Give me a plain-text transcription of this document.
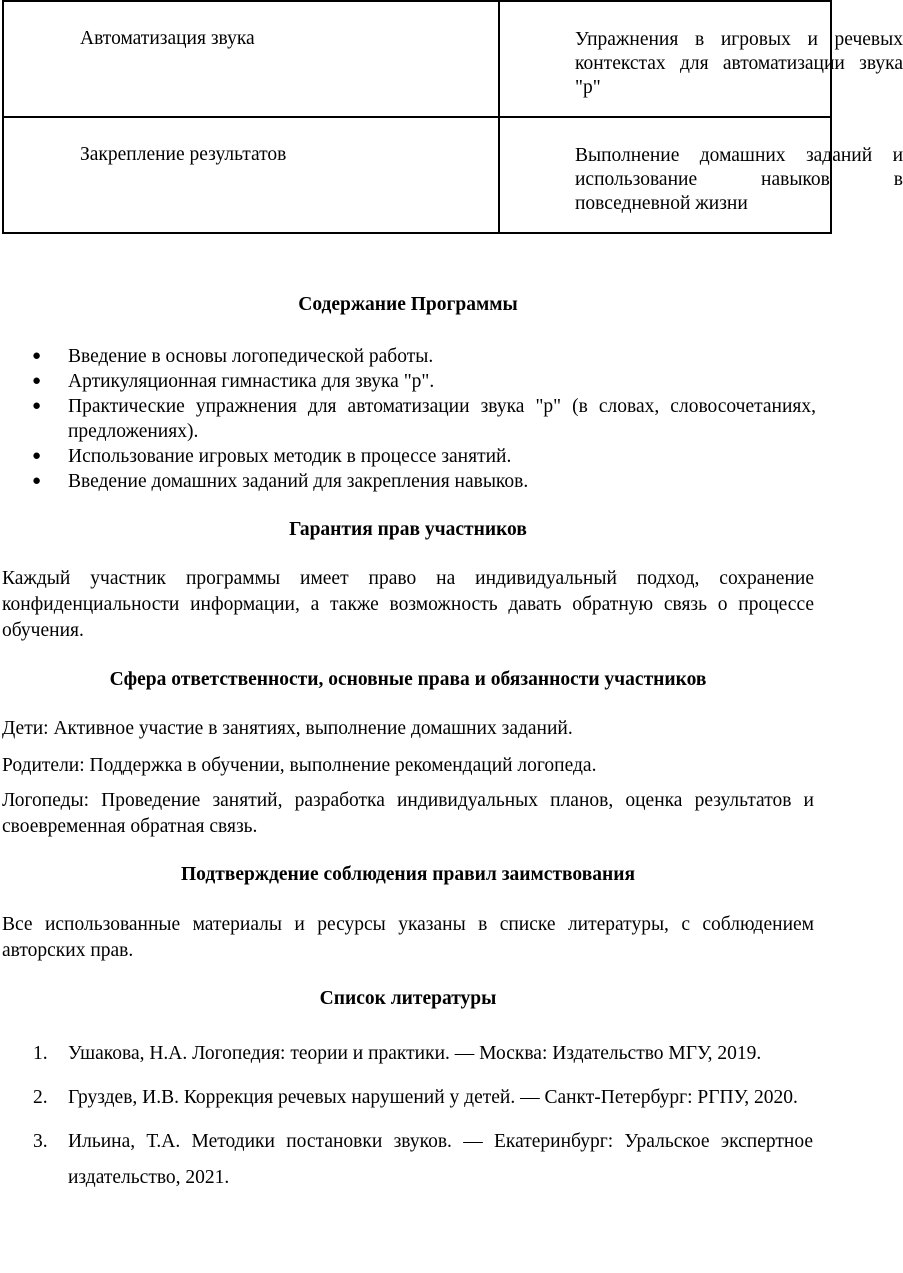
Автоматизация звука	Упражнения в игровых и речевых контекстах для автоматизации звука "р"

Закрепление результатов	Выполнение домашних заданий и использование навыков в повседневной жизни
Содержание Программы
● Введение в основы логопедической работы.
● Артикуляционная гимнастика для звука "р".
● Практические упражнения для автоматизации звука "р" (в словах, словосочетаниях, предложениях).
● Использование игровых методик в процессе занятий.
● Введение домашних заданий для закрепления навыков.
Гарантия прав участников

Каждый участник программы имеет право на индивидуальный подход, сохранение конфиденциальности информации, а также возможность давать обратную связь о процессе обучения.

Сфера ответственности, основные права и обязанности участников

Дети: Активное участие в занятиях, выполнение домашних заданий.

Родители: Поддержка в обучении, выполнение рекомендаций логопеда.

Логопеды: Проведение занятий, разработка индивидуальных планов, оценка результатов и своевременная обратная связь.

Подтверждение соблюдения правил заимствования

Все использованные материалы и ресурсы указаны в списке литературы, с соблюдением авторских прав.

Список литературы
1. Ушакова, Н.А. Логопедия: теории и практики. — Москва: Издательство МГУ, 2019.
2. Груздев, И.В. Коррекция речевых нарушений у детей. — Санкт-Петербург: РГПУ, 2020.
3. Ильина, Т.А. Методики постановки звуков. — Екатеринбург: Уральское экспертное издательство, 2021.
